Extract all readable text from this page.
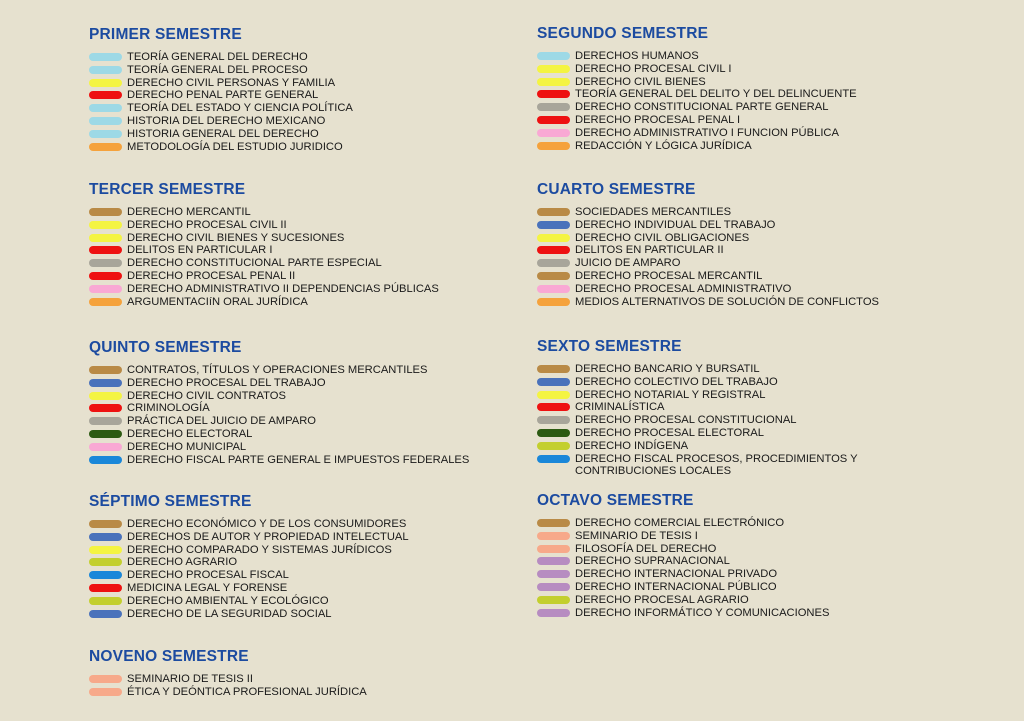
PRIMER SEMESTRE
TEORÍA GENERAL DEL DERECHO
TEORÍA GENERAL DEL PROCESO
DERECHO CIVIL PERSONAS Y FAMILIA
DERECHO PENAL PARTE GENERAL
TEORÍA DEL ESTADO Y CIENCIA POLÍTICA
HISTORIA DEL DERECHO MEXICANO
HISTORIA GENERAL DEL DERECHO
METODOLOGÍA DEL ESTUDIO JURIDICO
SEGUNDO SEMESTRE
DERECHOS HUMANOS
DERECHO PROCESAL CIVIL I
DERECHO CIVIL BIENES
TEORÍA GENERAL DEL DELITO Y DEL DELINCUENTE
DERECHO CONSTITUCIONAL PARTE GENERAL
DERECHO PROCESAL PENAL I
DERECHO ADMINISTRATIVO I FUNCION PÚBLICA
REDACCIÓN Y LÓGICA JURÍDICA
TERCER SEMESTRE
DERECHO MERCANTIL
DERECHO PROCESAL CIVIL II
DERECHO CIVIL BIENES Y SUCESIONES
DELITOS EN PARTICULAR I
DERECHO CONSTITUCIONAL PARTE ESPECIAL
DERECHO PROCESAL PENAL II
DERECHO ADMINISTRATIVO II DEPENDENCIAS PÚBLICAS
ARGUMENTACIíN ORAL JURÍDICA
CUARTO SEMESTRE
SOCIEDADES MERCANTILES
DERECHO INDIVIDUAL DEL TRABAJO
DERECHO CIVIL OBLIGACIONES
DELITOS EN PARTICULAR II
JUICIO DE AMPARO
DERECHO PROCESAL MERCANTIL
DERECHO PROCESAL ADMINISTRATIVO
MEDIOS ALTERNATIVOS DE SOLUCIÓN DE CONFLICTOS
QUINTO SEMESTRE
CONTRATOS, TÍTULOS Y OPERACIONES MERCANTILES
DERECHO PROCESAL DEL TRABAJO
DERECHO CIVIL CONTRATOS
CRIMINOLOGÍA
PRÁCTICA DEL JUICIO DE AMPARO
DERECHO ELECTORAL
DERECHO MUNICIPAL
DERECHO FISCAL PARTE GENERAL E IMPUESTOS FEDERALES
SEXTO SEMESTRE
DERECHO BANCARIO Y BURSATIL
DERECHO COLECTIVO DEL TRABAJO
DERECHO NOTARIAL Y REGISTRAL
CRIMINALÍSTICA
DERECHO PROCESAL CONSTITUCIONAL
DERECHO PROCESAL ELECTORAL
DERECHO INDÍGENA
DERECHO FISCAL PROCESOS, PROCEDIMIENTOS Y CONTRIBUCIONES LOCALES
SÉPTIMO SEMESTRE
DERECHO ECONÓMICO Y DE LOS CONSUMIDORES
DERECHOS DE AUTOR Y PROPIEDAD INTELECTUAL
DERECHO COMPARADO Y SISTEMAS JURÍDICOS
DERECHO AGRARIO
DERECHO PROCESAL FISCAL
MEDICINA LEGAL Y FORENSE
DERECHO AMBIENTAL Y ECOLÓGICO
DERECHO DE LA SEGURIDAD SOCIAL
OCTAVO SEMESTRE
DERECHO COMERCIAL ELECTRÓNICO
SEMINARIO DE TESIS I
FILOSOFÍA DEL DERECHO
DERECHO SUPRANACIONAL
DERECHO INTERNACIONAL PRIVADO
DERECHO INTERNACIONAL PÚBLICO
DERECHO PROCESAL AGRARIO
DERECHO INFORMÁTICO Y COMUNICACIONES
NOVENO SEMESTRE
SEMINARIO DE TESIS II
ÉTICA Y DEÓNTICA PROFESIONAL JURÍDICA
